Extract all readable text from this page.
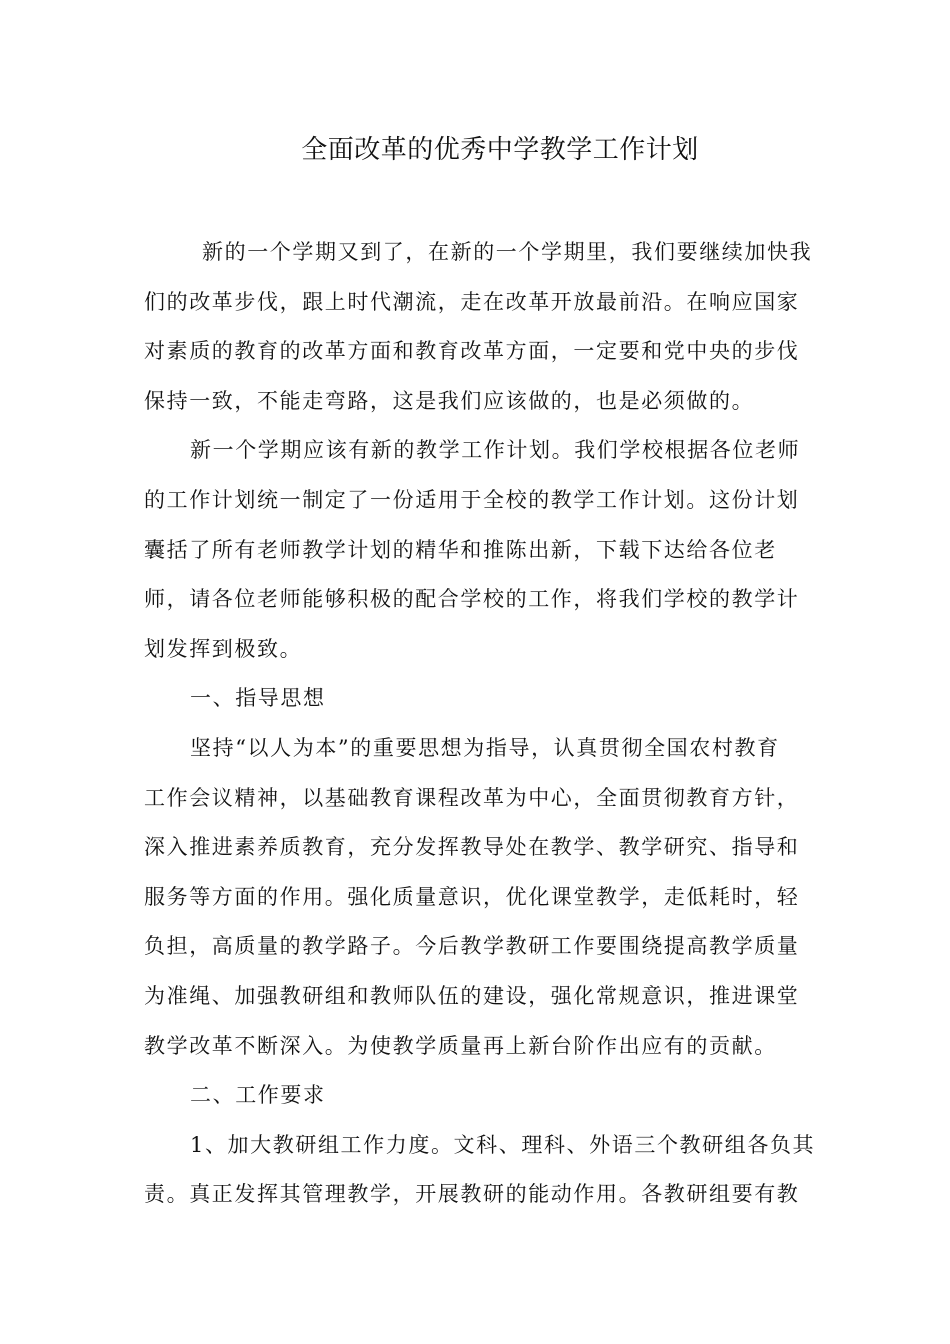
全面改革的优秀中学教学工作计划
新的一个学期又到了，在新的一个学期里，我们要继续加快我
们的改革步伐，跟上时代潮流，走在改革开放最前沿。在响应国家
对素质的教育的改革方面和教育改革方面，一定要和党中央的步伐
保持一致，不能走弯路，这是我们应该做的，也是必须做的。
新一个学期应该有新的教学工作计划。我们学校根据各位老师
的工作计划统一制定了一份适用于全校的教学工作计划。这份计划
囊括了所有老师教学计划的精华和推陈出新，下载下达给各位老
师，请各位老师能够积极的配合学校的工作，将我们学校的教学计
划发挥到极致。
一、指导思想
坚持“以人为本”的重要思想为指导，认真贯彻全国农村教育
工作会议精神，以基础教育课程改革为中心，全面贯彻教育方针，
深入推进素养质教育，充分发挥教导处在教学、教学研究、指导和
服务等方面的作用。强化质量意识，优化课堂教学，走低耗时，轻
负担，高质量的教学路子。今后教学教研工作要围绕提高教学质量
为准绳、加强教研组和教师队伍的建设，强化常规意识，推进课堂
教学改革不断深入。为使教学质量再上新台阶作出应有的贡献。
二、工作要求
1、加大教研组工作力度。文科、理科、外语三个教研组各负其
责。真正发挥其管理教学，开展教研的能动作用。各教研组要有教
